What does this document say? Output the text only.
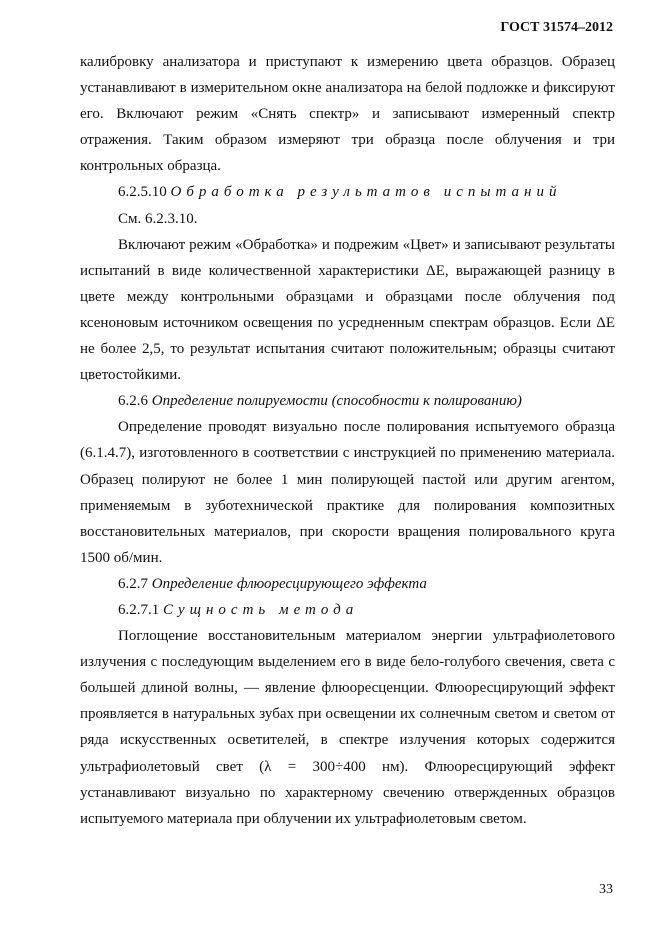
ГОСТ 31574–2012

калибровку анализатора и приступают к измерению цвета образцов. Образец устанавливают в измерительном окне анализатора на белой подложке и фиксируют его. Включают режим «Снять спектр» и записывают измеренный спектр отражения. Таким образом измеряют три образца после облучения и три контрольных образца.

6.2.5.10 Обработка результатов испытаний

См. 6.2.3.10.

Включают режим «Обработка» и подрежим «Цвет» и записывают результаты испытаний в виде количественной характеристики ΔE, выражающей разницу в цвете между контрольными образцами и образцами после облучения под ксеноновым источником освещения по усредненным спектрам образцов. Если ΔE не более 2,5, то результат испытания считают положительным; образцы считают цветостойкими.

6.2.6 Определение полируемости (способности к полированию)

Определение проводят визуально после полирования испытуемого образца (6.1.4.7), изготовленного в соответствии с инструкцией по применению материала. Образец полируют не более 1 мин полирующей пастой или другим агентом, применяемым в зуботехнической практике для полирования композитных восстановительных материалов, при скорости вращения полировального круга 1500 об/мин.

6.2.7 Определение флюоресцирующего эффекта

6.2.7.1 Сущность метода

Поглощение восстановительным материалом энергии ультрафиолетового излучения с последующим выделением его в виде бело-голубого свечения, света с большей длиной волны, — явление флюоресценции. Флюоресцирующий эффект проявляется в натуральных зубах при освещении их солнечным светом и светом от ряда искусственных осветителей, в спектре излучения которых содержится ультрафиолетовый свет (λ = 300÷400 нм). Флюоресцирующий эффект устанавливают визуально по характерному свечению отвержденных образцов испытуемого материала при облучении их ультрафиолетовым светом.

33
